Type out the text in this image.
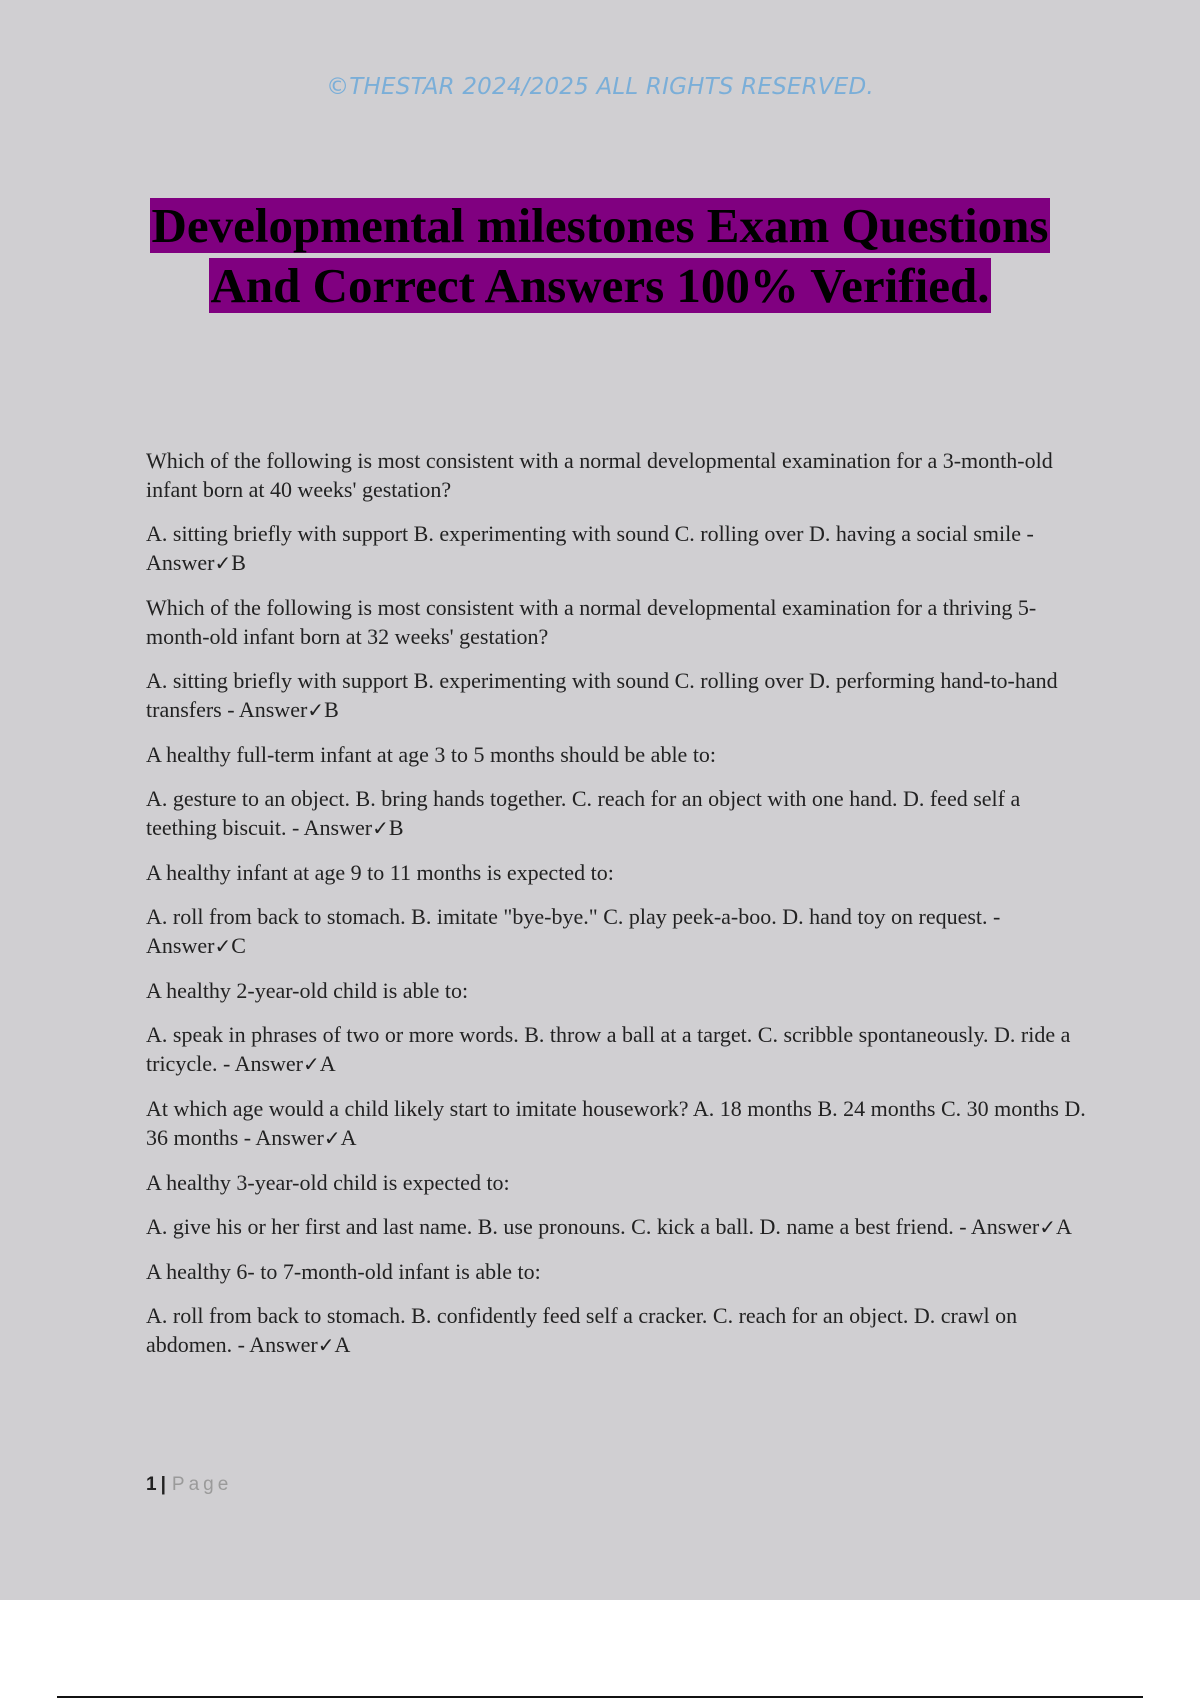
©THESTAR 2024/2025 ALL RIGHTS RESERVED.
Developmental milestones Exam Questions
And Correct Answers 100% Verified.

Which of the following is most consistent with a normal developmental examination for a 3-month-old infant born at 40 weeks' gestation?

A. sitting briefly with support B. experimenting with sound C. rolling over D. having a social smile - Answer✓B

Which of the following is most consistent with a normal developmental examination for a thriving 5-month-old infant born at 32 weeks' gestation?

A. sitting briefly with support B. experimenting with sound C. rolling over D. performing hand-to-hand transfers - Answer✓B

A healthy full-term infant at age 3 to 5 months should be able to:

A. gesture to an object. B. bring hands together. C. reach for an object with one hand. D. feed self a teething biscuit. - Answer✓B

A healthy infant at age 9 to 11 months is expected to:

A. roll from back to stomach. B. imitate "bye-bye." C. play peek-a-boo. D. hand toy on request. - Answer✓C

A healthy 2-year-old child is able to:

A. speak in phrases of two or more words. B. throw a ball at a target. C. scribble spontaneously. D. ride a tricycle. - Answer✓A

At which age would a child likely start to imitate housework? A. 18 months B. 24 months C. 30 months D. 36 months - Answer✓A

A healthy 3-year-old child is expected to:

A. give his or her first and last name. B. use pronouns. C. kick a ball. D. name a best friend. - Answer✓A

A healthy 6- to 7-month-old infant is able to:

A. roll from back to stomach. B. confidently feed self a cracker. C. reach for an object. D. crawl on abdomen. - Answer✓A

1 | Page
